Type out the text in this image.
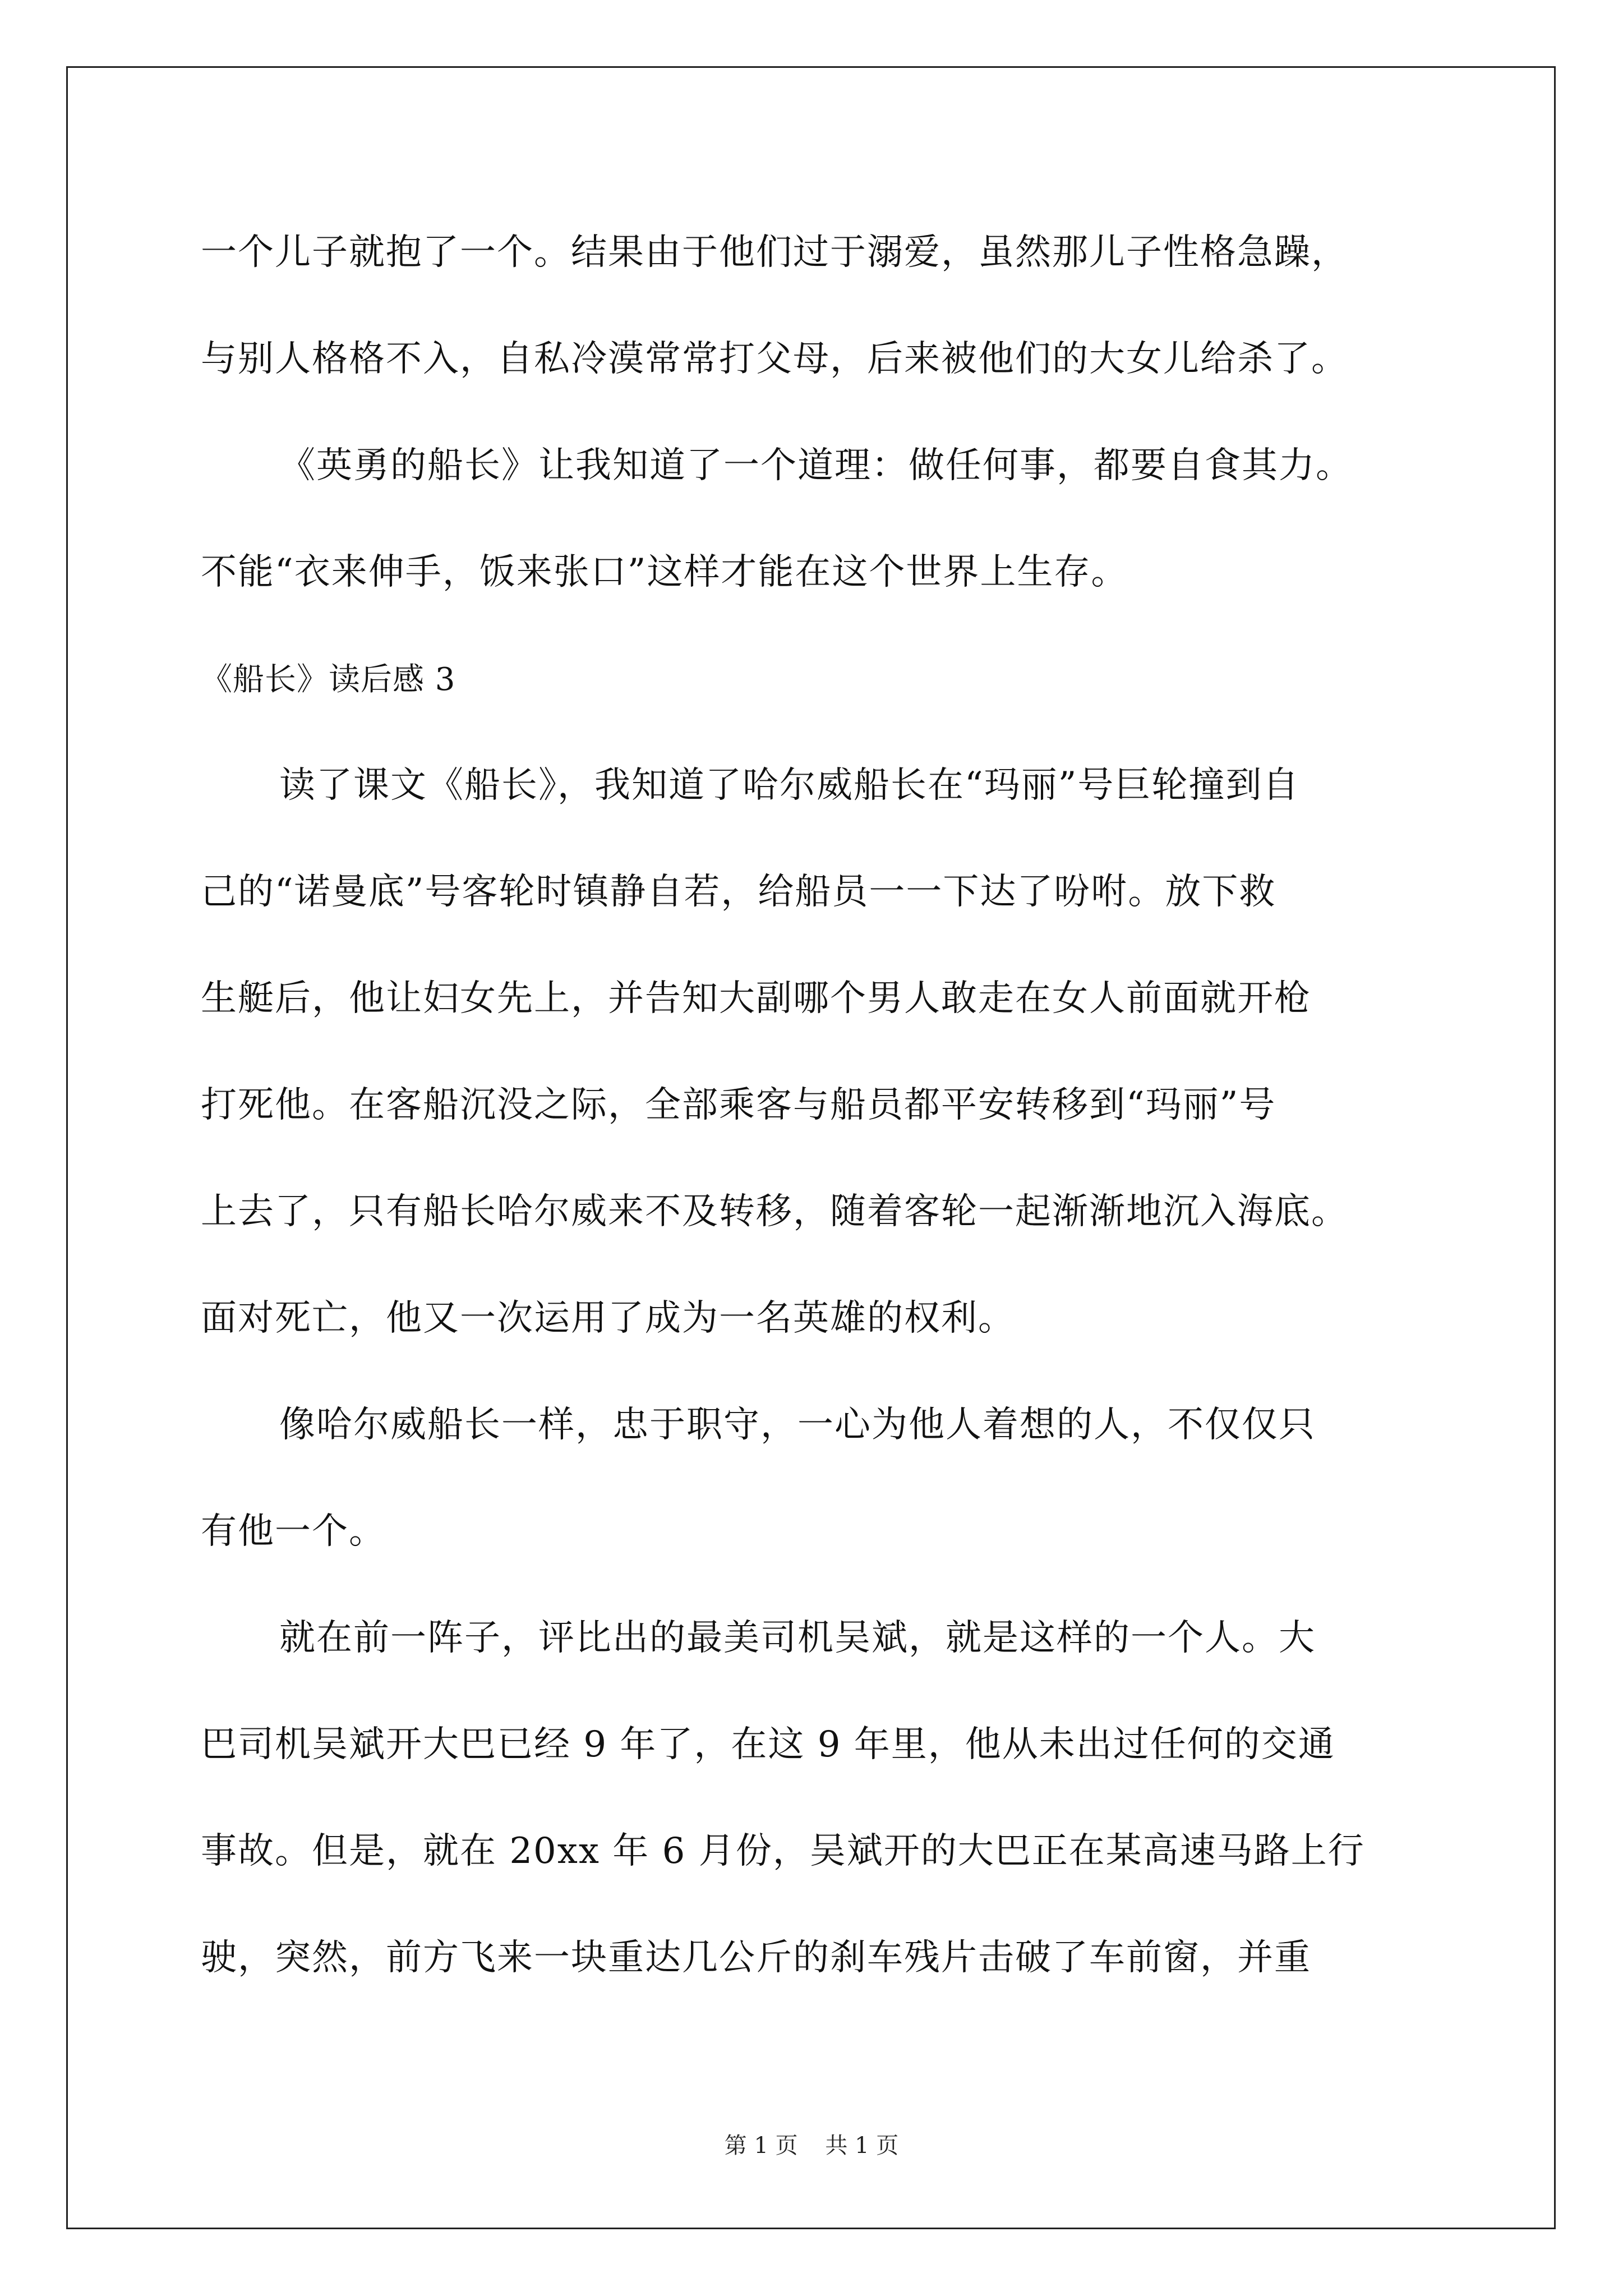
一个儿子就抱了一个。结果由于他们过于溺爱，虽然那儿子性格急躁，
与别人格格不入，自私冷漠常常打父母，后来被他们的大女儿给杀了。
《英勇的船长》让我知道了一个道理：做任何事，都要自食其力。
不能“衣来伸手，饭来张口”这样才能在这个世界上生存。
《船长》读后感 3
读了课文《船长》，我知道了哈尔威船长在“玛丽”号巨轮撞到自
己的“诺曼底”号客轮时镇静自若，给船员一一下达了吩咐。放下救
生艇后，他让妇女先上，并告知大副哪个男人敢走在女人前面就开枪
打死他。在客船沉没之际，全部乘客与船员都平安转移到“玛丽”号
上去了，只有船长哈尔威来不及转移，随着客轮一起渐渐地沉入海底。
面对死亡，他又一次运用了成为一名英雄的权利。
像哈尔威船长一样，忠于职守，一心为他人着想的人，不仅仅只
有他一个。
就在前一阵子，评比出的最美司机吴斌，就是这样的一个人。大
巴司机吴斌开大巴已经 9 年了，在这 9 年里，他从未出过任何的交通
事故。但是，就在 20xx 年 6 月份，吴斌开的大巴正在某高速马路上行
驶，突然，前方飞来一块重达几公斤的刹车残片击破了车前窗，并重
第 1 页 共 1 页
